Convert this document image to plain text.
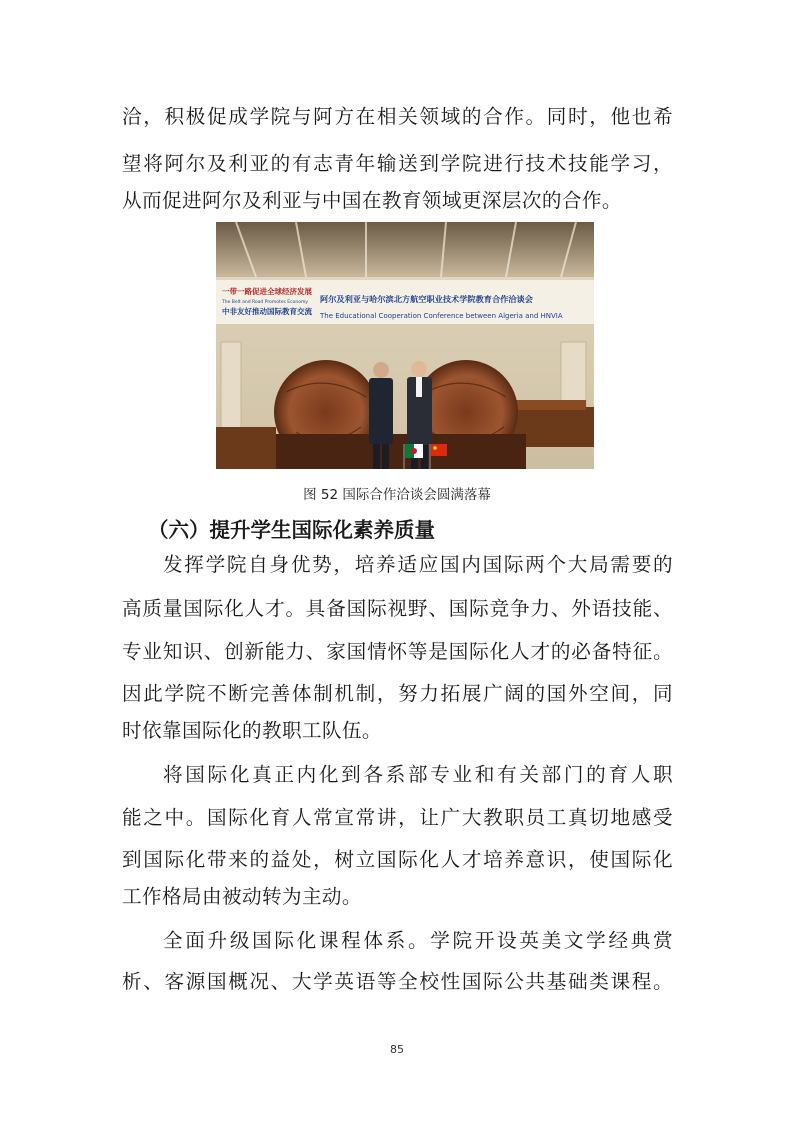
洽，积极促成学院与阿方在相关领域的合作。同时，他也希
望将阿尔及利亚的有志青年输送到学院进行技术技能学习，
从而促进阿尔及利亚与中国在教育领域更深层次的合作。
一带一路促进全球经济发展
The Belt and Road Promotes Economy
中非友好推动国际教育交流
阿尔及利亚与哈尔滨北方航空职业技术学院教育合作洽谈会
The Educational Cooperation Conference between Algeria and HNVIA
图 52 国际合作洽谈会圆满落幕
（六）提升学生国际化素养质量
发挥学院自身优势，培养适应国内国际两个大局需要的
高质量国际化人才。具备国际视野、国际竞争力、外语技能、
专业知识、创新能力、家国情怀等是国际化人才的必备特征。
因此学院不断完善体制机制，努力拓展广阔的国外空间，同
时依靠国际化的教职工队伍。
将国际化真正内化到各系部专业和有关部门的育人职
能之中。国际化育人常宣常讲，让广大教职员工真切地感受
到国际化带来的益处，树立国际化人才培养意识，使国际化
工作格局由被动转为主动。
全面升级国际化课程体系。学院开设英美文学经典赏
析、客源国概况、大学英语等全校性国际公共基础类课程。
85
